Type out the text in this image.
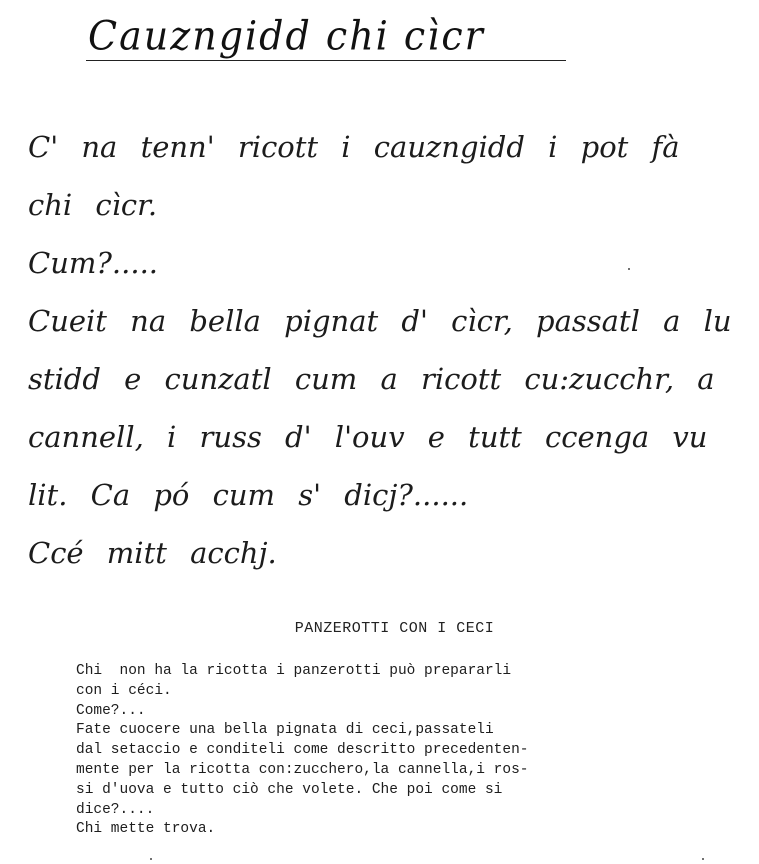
Cauzngidd chi cìcr
C' na tenn' ricott i cauzngidd i pot fà
chi cìcr.
Cum?.....
Cueit na bella pignat d' cìcr, passatl a lu
stidd e cunzatl cum a ricott cu:zucchr, a
cannell, i russ d' l'ouv e tutt ccenga vu
lit. Ca pó cum s' dicj?......
Ccé mitt acchj.
PANZEROTTI CON I CECI
Chi  non ha la ricotta i panzerotti può prepararli
con i céci.
Come?...
Fate cuocere una bella pignata di ceci,passateli
dal setaccio e conditeli come descritto precedenten-
mente per la ricotta con:zucchero,la cannella,i ros-
si d'uova e tutto ciò che volete. Che poi come si
dice?....
Chi mette trova.
